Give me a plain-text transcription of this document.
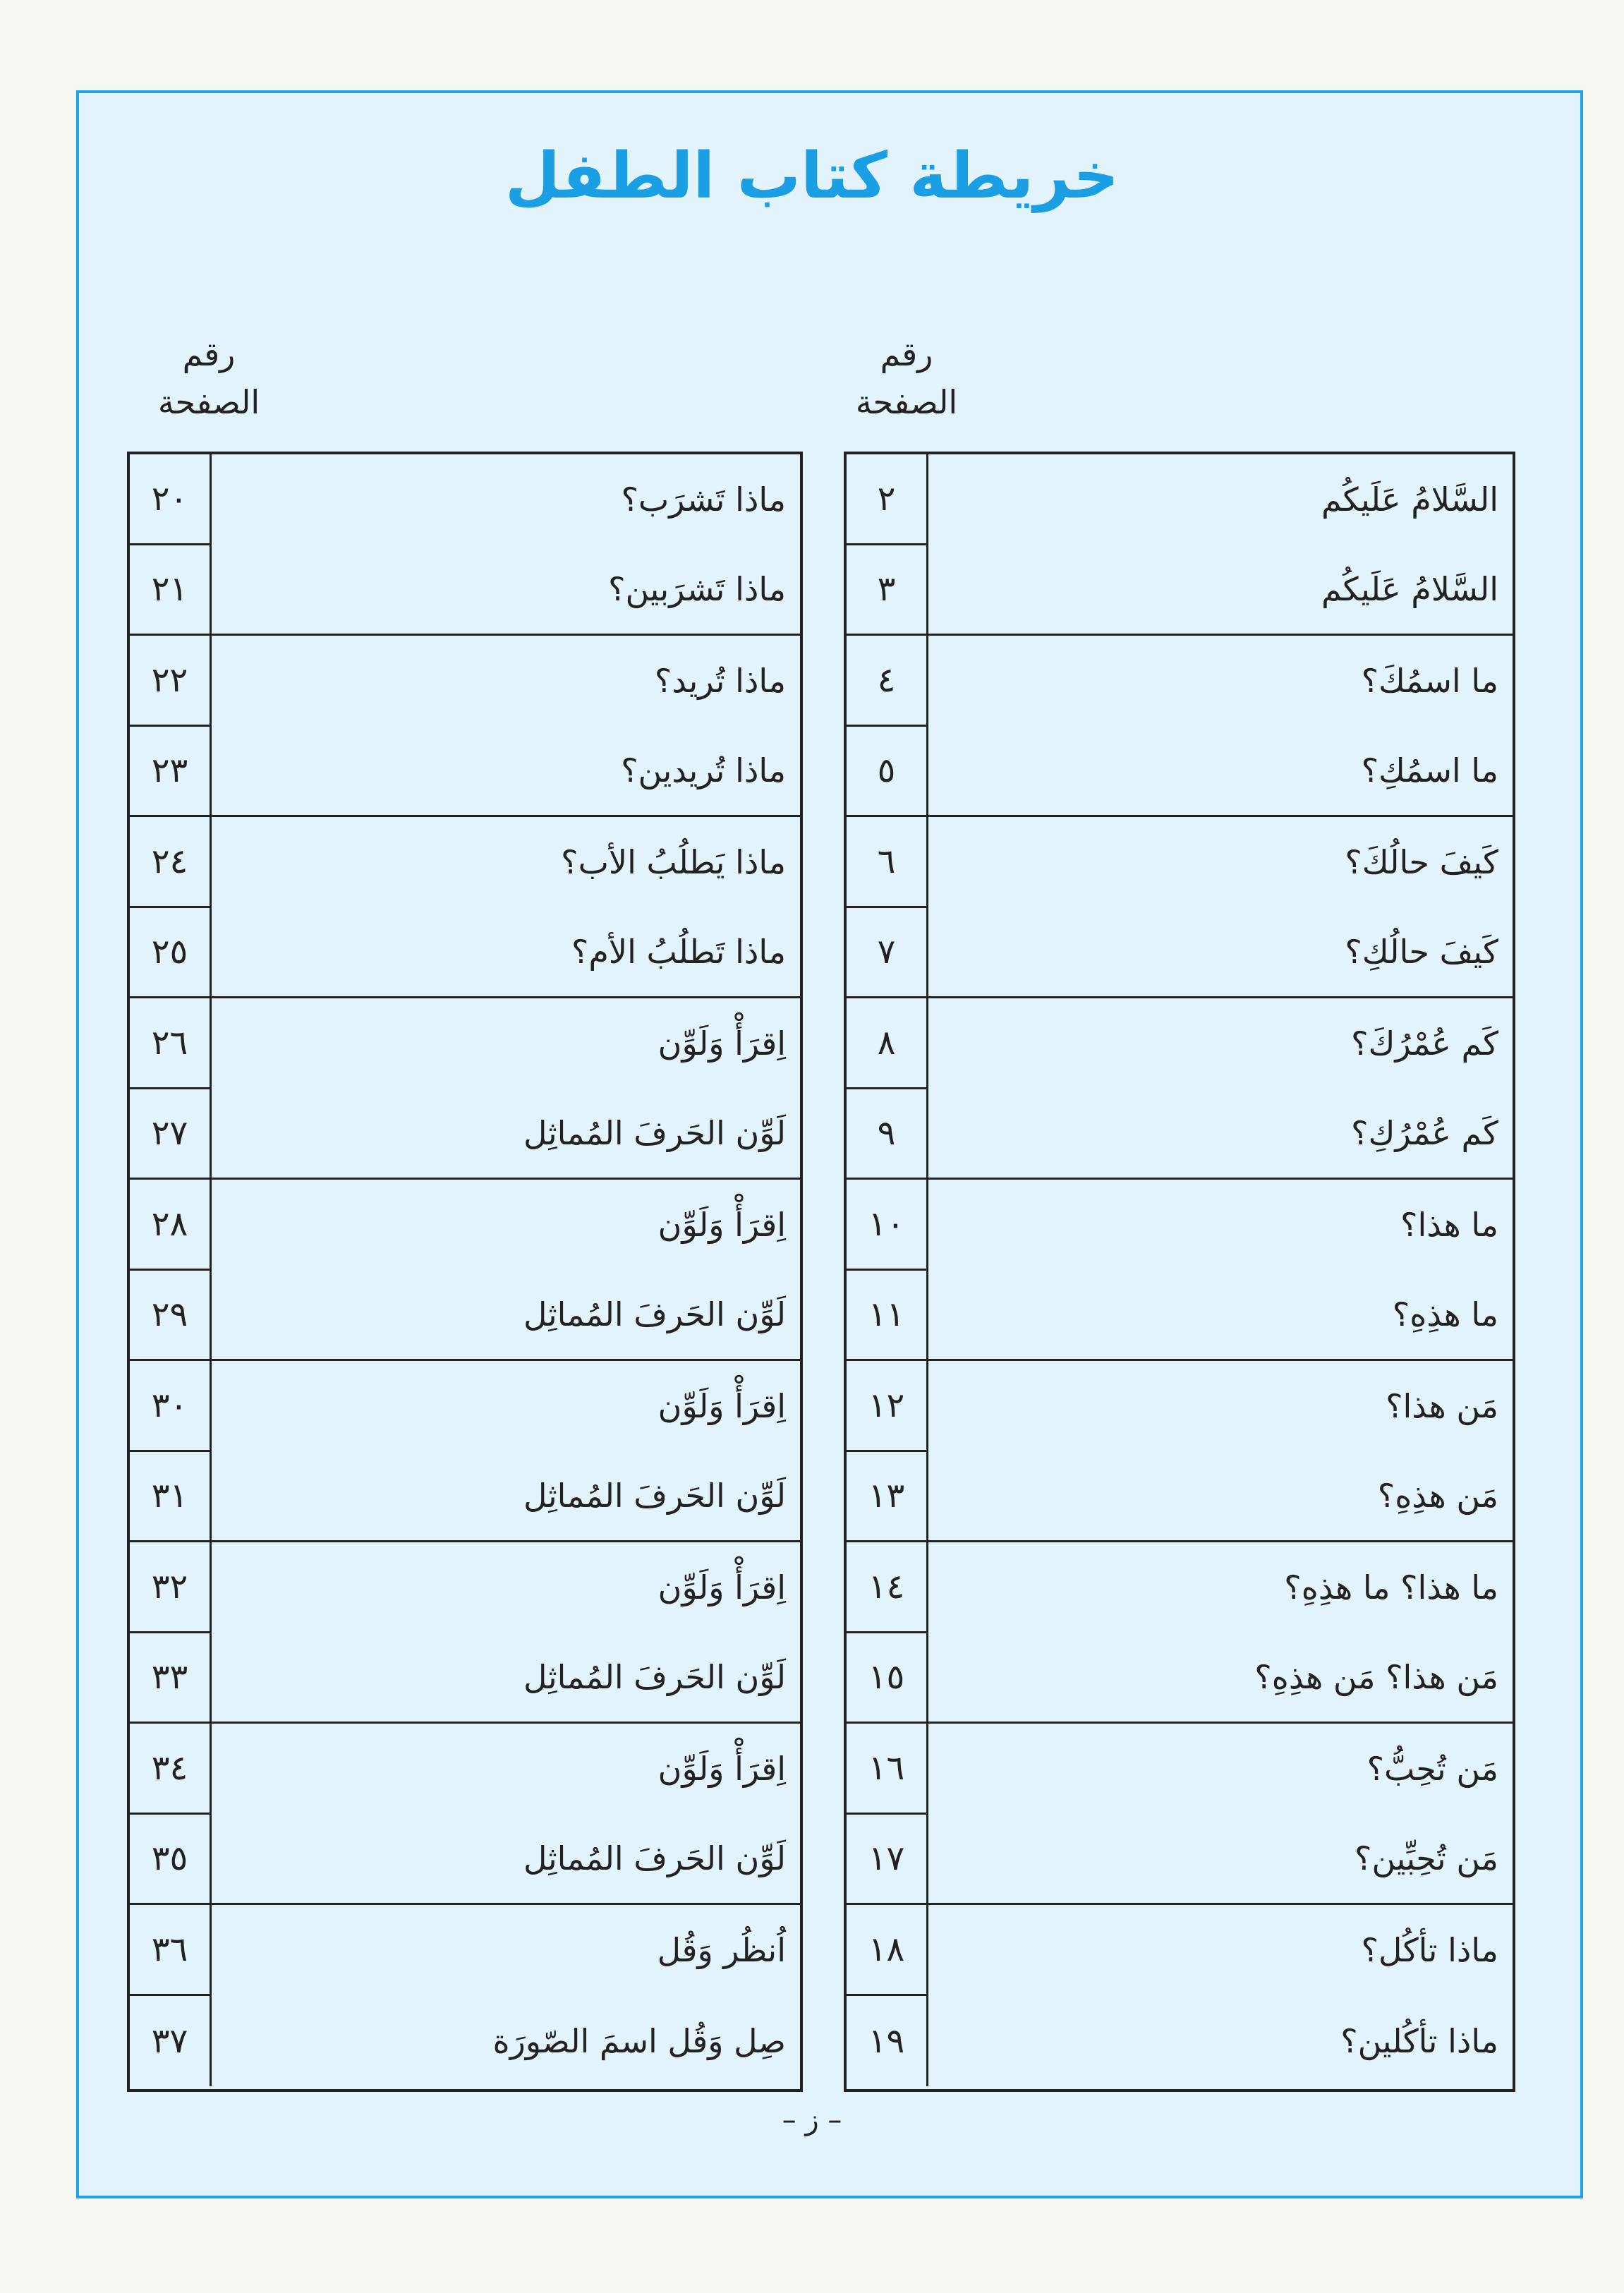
خريطة كتاب الطفل
رقم
الصفحة
رقم
الصفحة
٢	السَّلامُ عَلَيكُم
٣	السَّلامُ عَلَيكُم
٤	ما اسمُكَ؟
٥	ما اسمُكِ؟
٦	كَيفَ حالُكَ؟
٧	كَيفَ حالُكِ؟
٨	كَم عُمْرُكَ؟
٩	كَم عُمْرُكِ؟
١٠	ما هذا؟
١١	ما هذِهِ؟
١٢	مَن هذا؟
١٣	مَن هذِهِ؟
١٤	ما هذا؟ ما هذِهِ؟
١٥	مَن هذا؟ مَن هذِهِ؟
١٦	مَن تُحِبُّ؟
١٧	مَن تُحِبِّين؟
١٨	ماذا تأكُل؟
١٩	ماذا تأكُلين؟
٢٠	ماذا تَشرَب؟
٢١	ماذا تَشرَبين؟
٢٢	ماذا تُريد؟
٢٣	ماذا تُريدين؟
٢٤	ماذا يَطلُبُ الأب؟
٢٥	ماذا تَطلُبُ الأم؟
٢٦	اِقرَأْ وَلَوِّن
٢٧	لَوِّن الحَرفَ المُماثِل
٢٨	اِقرَأْ وَلَوِّن
٢٩	لَوِّن الحَرفَ المُماثِل
٣٠	اِقرَأْ وَلَوِّن
٣١	لَوِّن الحَرفَ المُماثِل
٣٢	اِقرَأْ وَلَوِّن
٣٣	لَوِّن الحَرفَ المُماثِل
٣٤	اِقرَأْ وَلَوِّن
٣٥	لَوِّن الحَرفَ المُماثِل
٣٦	اُنظُر وَقُل
٣٧	صِل وَقُل اسمَ الصّورَة
– ز –
